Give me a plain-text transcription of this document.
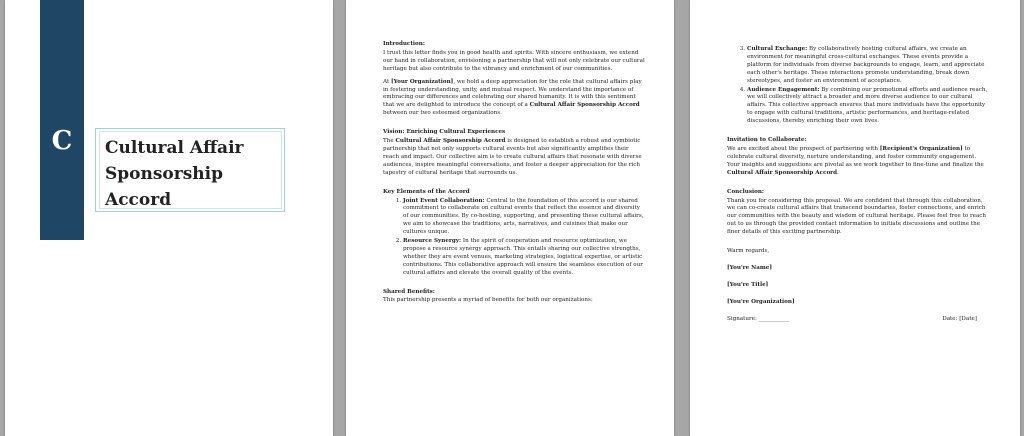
C	Cultural Affair
Sponsorship
Accord
Introduction:

I trust this letter finds you in good health and spirits. With sincere enthusiasm, we extend our hand in collaboration, envisioning a partnership that will not only celebrate our cultural heritage but also contribute to the vibrancy and enrichment of our communities.

At [Your Organization], we hold a deep appreciation for the role that cultural affairs play in fostering understanding, unity, and mutual respect. We understand the importance of embracing our differences and celebrating our shared humanity. It is with this sentiment that we are delighted to introduce the concept of a Cultural Affair Sponsorship Accord between our two esteemed organizations.

Vision: Enriching Cultural Experiences

The Cultural Affair Sponsorship Accord is designed to establish a robust and symbiotic partnership that not only supports cultural events but also significantly amplifies their reach and impact. Our collective aim is to create cultural affairs that resonate with diverse audiences, inspire meaningful conversations, and foster a deeper appreciation for the rich tapestry of cultural heritage that surrounds us.

Key Elements of the Accord
1. Joint Event Collaboration: Central to the foundation of this accord is our shared commitment to collaborate on cultural events that reflect the essence and diversity of our communities. By co-hosting, supporting, and presenting these cultural affairs, we aim to showcase the traditions, arts, narratives, and cuisines that make our cultures unique.
2. Resource Synergy: In the spirit of cooperation and resource optimization, we propose a resource synergy approach. This entails sharing our collective strengths, whether they are event venues, marketing strategies, logistical expertise, or artistic contributions. This collaborative approach will ensure the seamless execution of our cultural affairs and elevate the overall quality of the events.
Shared Benefits:

This partnership presents a myriad of benefits for both our organizations:

3. Cultural Exchange: By collaboratively hosting cultural affairs, we create an environment for meaningful cross-cultural exchanges. These events provide a platform for individuals from diverse backgrounds to engage, learn, and appreciate each other's heritage. These interactions promote understanding, break down stereotypes, and foster an environment of acceptance.
4. Audience Engagement: By combining our promotional efforts and audience reach, we will collectively attract a broader and more diverse audience to our cultural affairs. This collective approach ensures that more individuals have the opportunity to engage with cultural traditions, artistic performances, and heritage-related discussions, thereby enriching their own lives.
Invitation to Collaborate:

We are excited about the prospect of partnering with [Recipient's Organization] to celebrate cultural diversity, nurture understanding, and foster community engagement. Your insights and suggestions are pivotal as we work together to fine-tune and finalize the Cultural Affair Sponsorship Accord.

Conclusion:

Thank you for considering this proposal. We are confident that through this collaboration, we can co-create cultural affairs that transcend boundaries, foster connections, and enrich our communities with the beauty and wisdom of cultural heritage. Please feel free to reach out to us through the provided contact information to initiate discussions and outline the finer details of this exciting partnership.

Warm regards,

[You're Name]
[You're Title]
[You're Organization]
Signature: ___________	Date: [Date]
